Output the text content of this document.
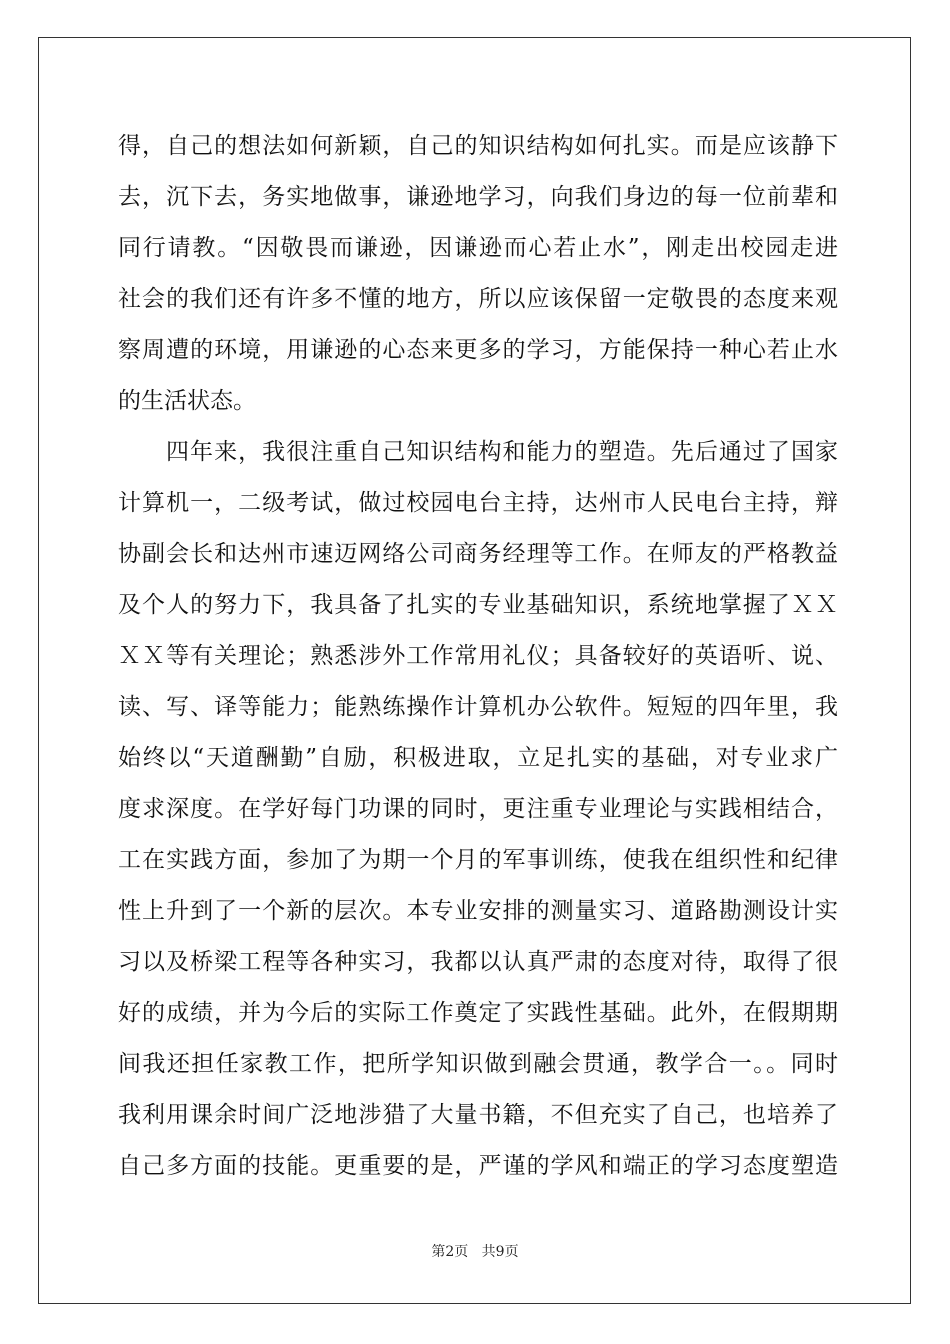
得，自己的想法如何新颖，自己的知识结构如何扎实。而是应该静下
去，沉下去，务实地做事，谦逊地学习，向我们身边的每一位前辈和
同行请教。“因敬畏而谦逊，因谦逊而心若止水”，刚走出校园走进
社会的我们还有许多不懂的地方，所以应该保留一定敬畏的态度来观
察周遭的环境，用谦逊的心态来更多的学习，方能保持一种心若止水
的生活状态。
四年来，我很注重自己知识结构和能力的塑造。先后通过了国家
计算机一，二级考试，做过校园电台主持，达州市人民电台主持，辩
协副会长和达州市速迈网络公司商务经理等工作。在师友的严格教益
及个人的努力下，我具备了扎实的专业基础知识，系统地掌握了ＸＸ
ＸＸ等有关理论；熟悉涉外工作常用礼仪；具备较好的英语听、说、
读、写、译等能力；能熟练操作计算机办公软件。短短的四年里，我
始终以“天道酬勤”自励，积极进取，立足扎实的基础，对专业求广
度求深度。在学好每门功课的同时，更注重专业理论与实践相结合，
工在实践方面，参加了为期一个月的军事训练，使我在组织性和纪律
性上升到了一个新的层次。本专业安排的测量实习、道路勘测设计实
习以及桥梁工程等各种实习，我都以认真严肃的态度对待，取得了很
好的成绩，并为今后的实际工作奠定了实践性基础。此外，在假期期
间我还担任家教工作，把所学知识做到融会贯通，教学合一。。同时
我利用课余时间广泛地涉猎了大量书籍，不但充实了自己，也培养了
自己多方面的技能。更重要的是，严谨的学风和端正的学习态度塑造
第2页 共9页
